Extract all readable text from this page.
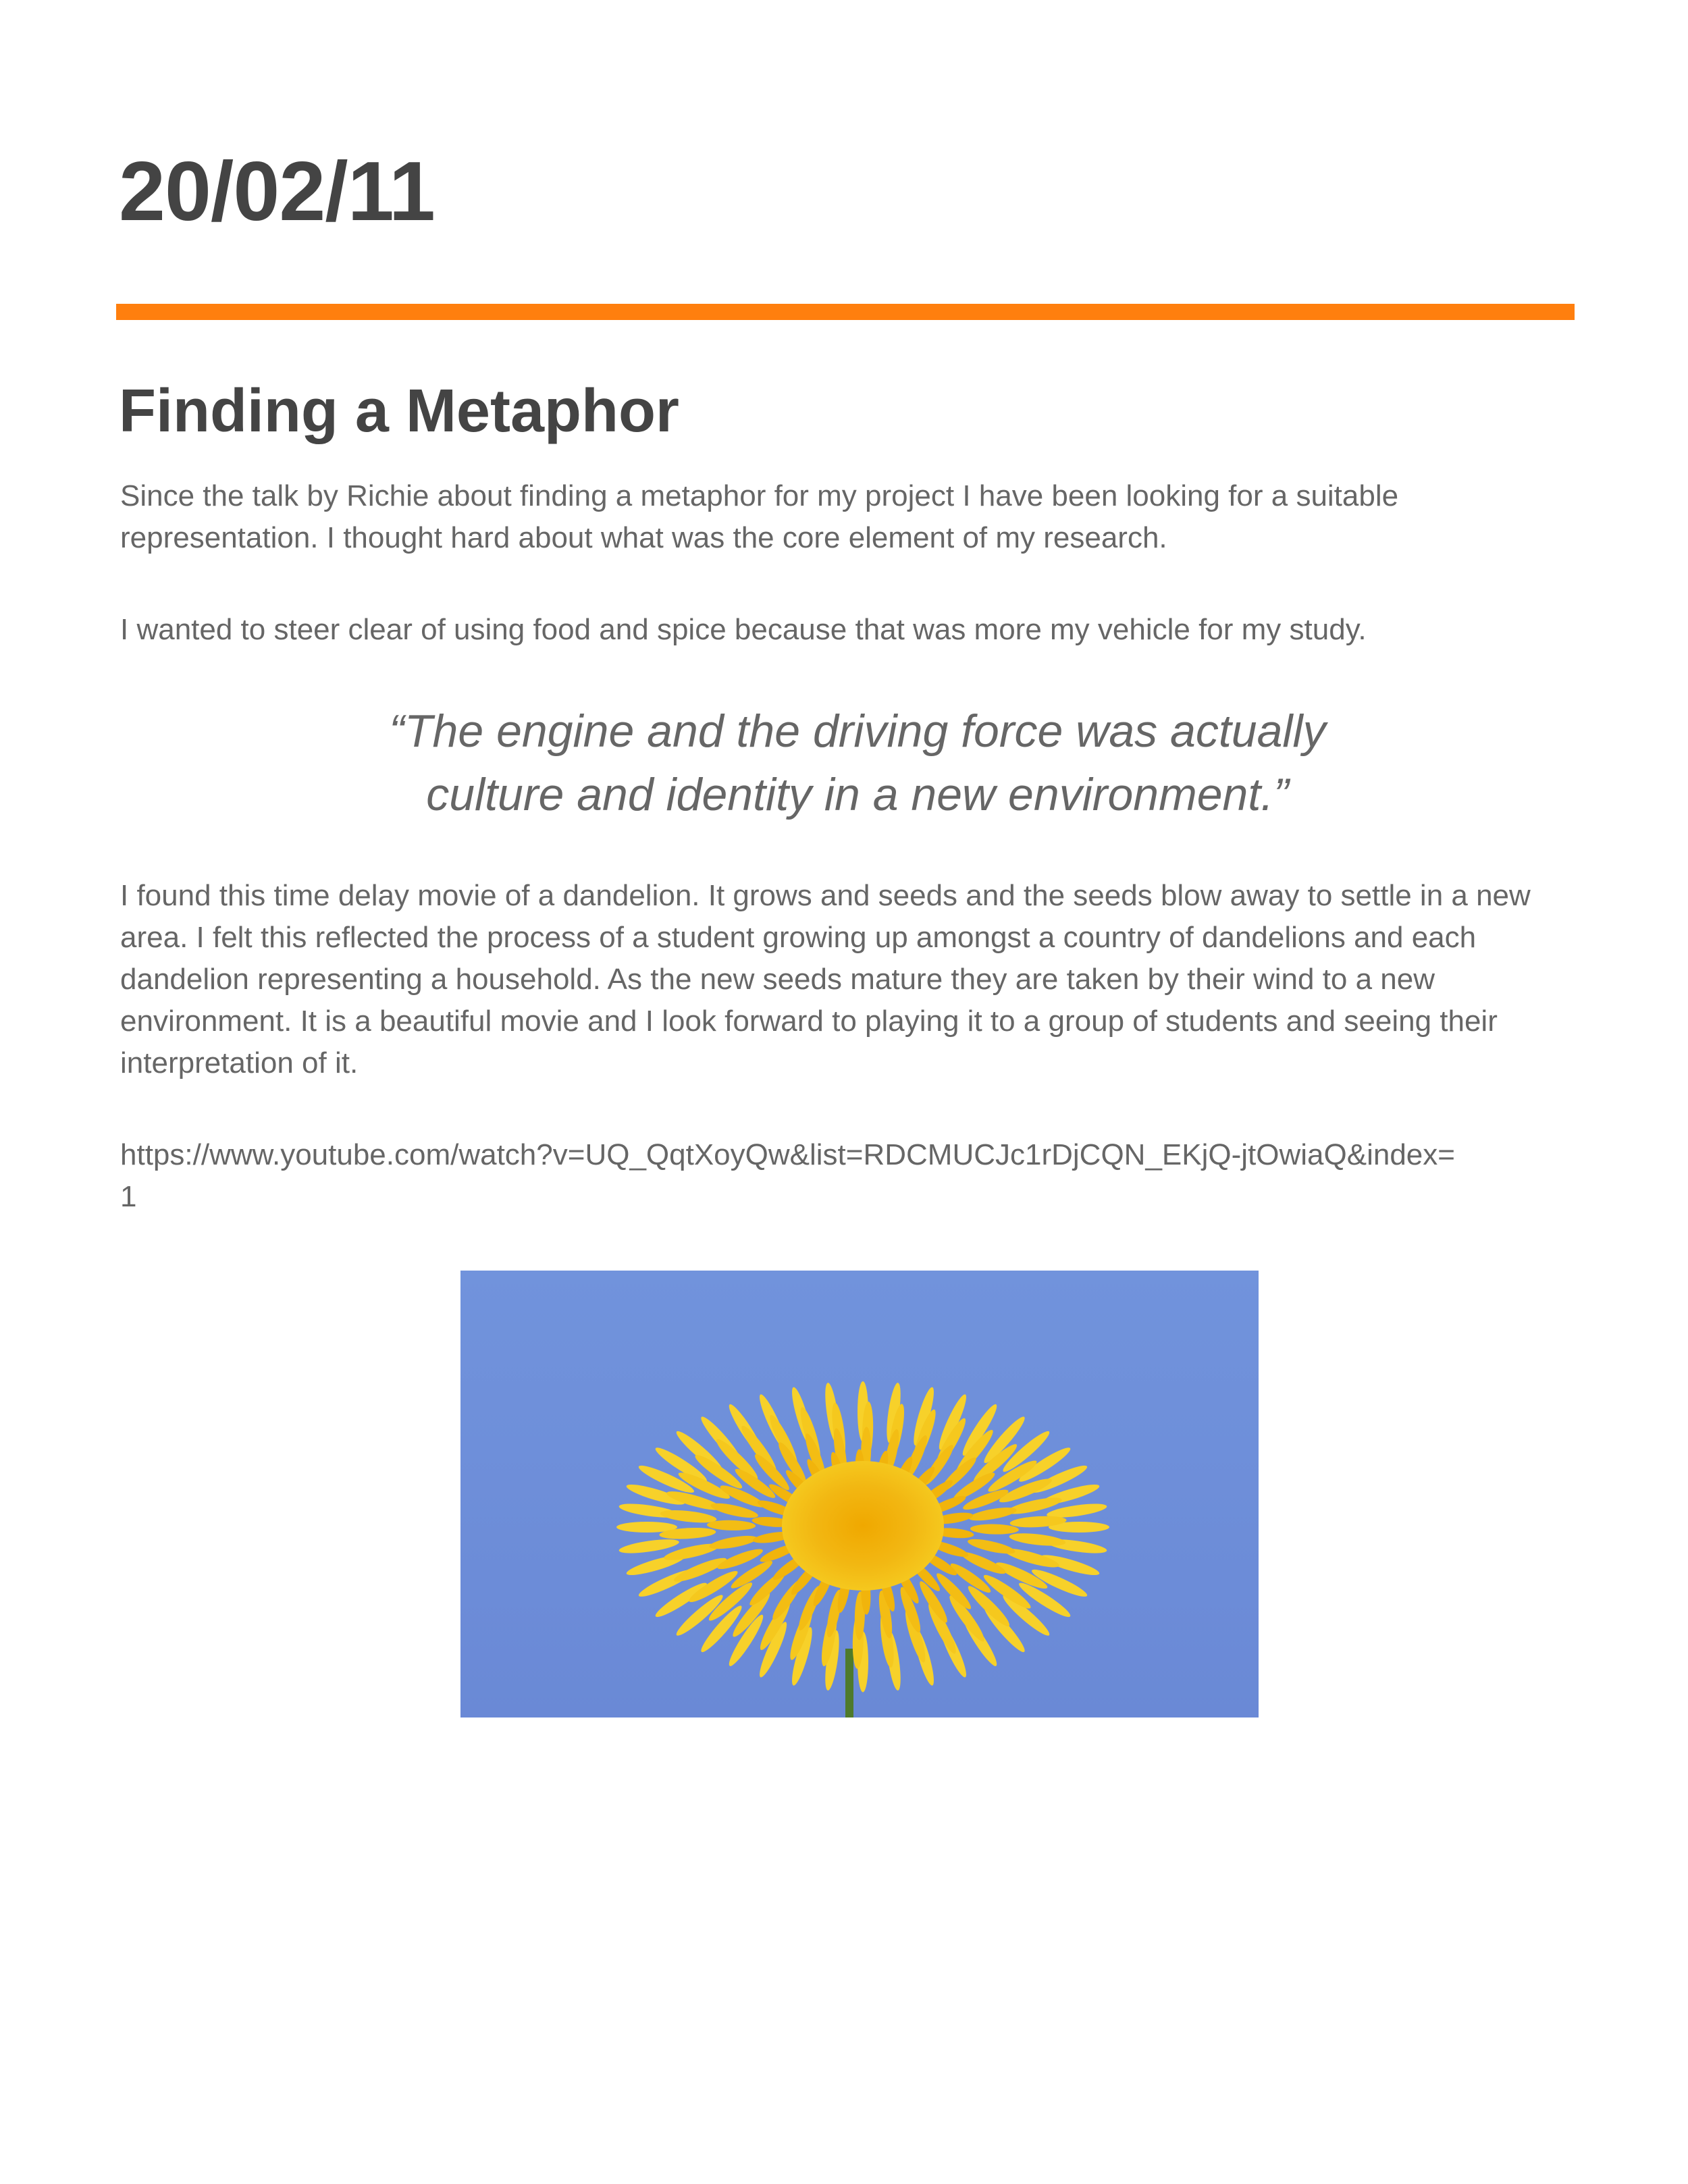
20/02/11
Finding a Metaphor

Since the talk by Richie about finding a metaphor for my project I have been looking for a suitable representation. I thought hard about what was the core element of my research.

I wanted to steer clear of using food and spice because that was more my vehicle for my study.

“The engine and the driving force was actually
culture and identity in a new environment.”

I found this time delay movie of a dandelion. It grows and seeds and the seeds blow away to settle in a new area. I felt this reflected the process of a student growing up amongst a country of dandelions and each dandelion representing a household. As the new seeds mature they are taken by their wind to a new environment. It is a beautiful movie and I look forward to playing it to a group of students and seeing their interpretation of it.

https://www.youtube.com/watch?v=UQ_QqtXoyQw&list=RDCMUCJc1rDjCQN_EKjQ-jtOwiaQ&index=1
